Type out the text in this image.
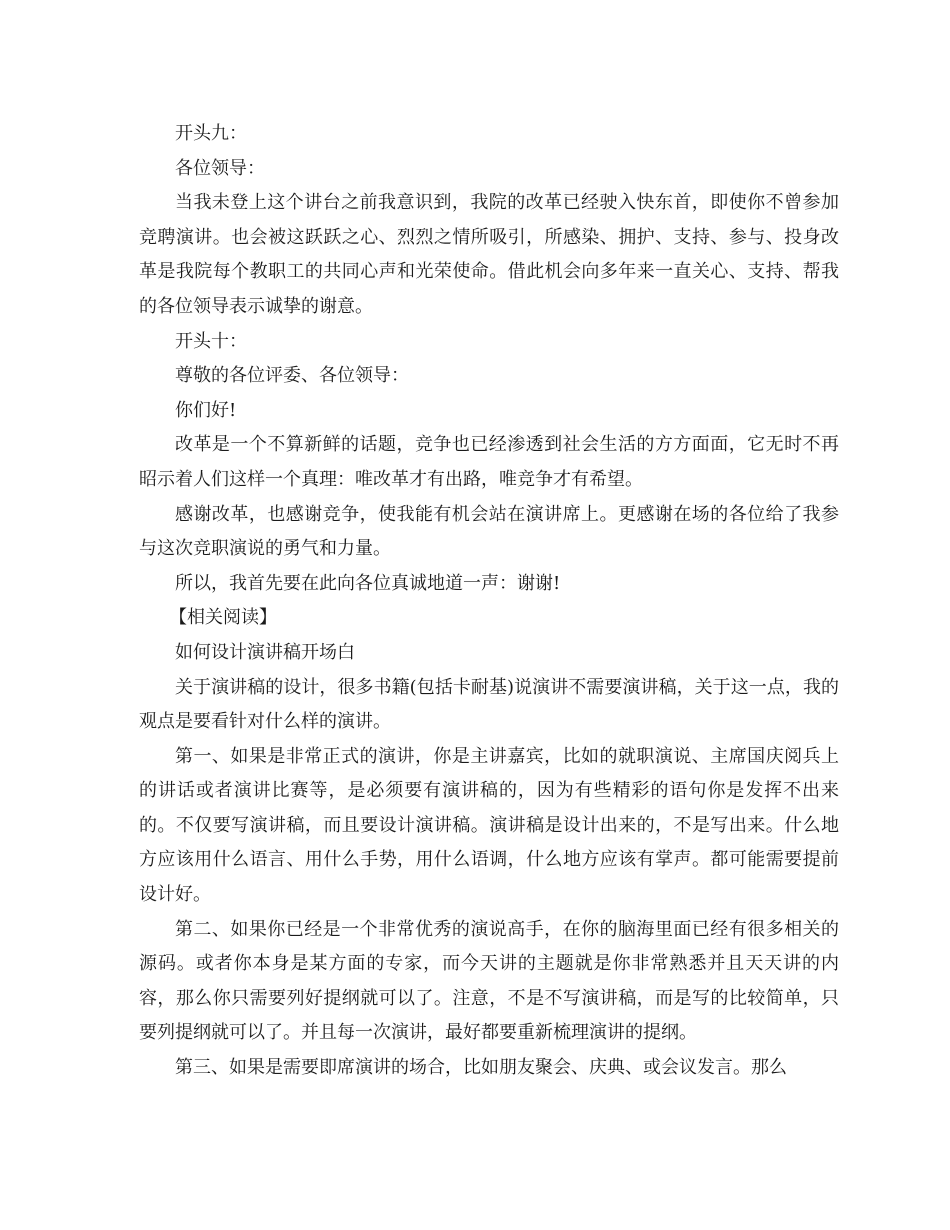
开头九：

各位领导：

当我未登上这个讲台之前我意识到，我院的改革已经驶入快东首，即使你不曾参加竞聘演讲。也会被这跃跃之心、烈烈之情所吸引，所感染、拥护、支持、参与、投身改革是我院每个教职工的共同心声和光荣使命。借此机会向多年来一直关心、支持、帮我的各位领导表示诚挚的谢意。

开头十：

尊敬的各位评委、各位领导：

你们好!

改革是一个不算新鲜的话题，竞争也已经渗透到社会生活的方方面面，它无时不再昭示着人们这样一个真理：唯改革才有出路，唯竞争才有希望。

感谢改革，也感谢竞争，使我能有机会站在演讲席上。更感谢在场的各位给了我参与这次竞职演说的勇气和力量。

所以，我首先要在此向各位真诚地道一声：谢谢!

【相关阅读】

如何设计演讲稿开场白

关于演讲稿的设计，很多书籍(包括卡耐基)说演讲不需要演讲稿，关于这一点，我的观点是要看针对什么样的演讲。

第一、如果是非常正式的演讲，你是主讲嘉宾，比如的就职演说、主席国庆阅兵上的讲话或者演讲比赛等，是必须要有演讲稿的，因为有些精彩的语句你是发挥不出来的。不仅要写演讲稿，而且要设计演讲稿。演讲稿是设计出来的，不是写出来。什么地方应该用什么语言、用什么手势，用什么语调，什么地方应该有掌声。都可能需要提前设计好。

第二、如果你已经是一个非常优秀的演说高手，在你的脑海里面已经有很多相关的源码。或者你本身是某方面的专家，而今天讲的主题就是你非常熟悉并且天天讲的内容，那么你只需要列好提纲就可以了。注意，不是不写演讲稿，而是写的比较简单，只要列提纲就可以了。并且每一次演讲，最好都要重新梳理演讲的提纲。

第三、如果是需要即席演讲的场合，比如朋友聚会、庆典、或会议发言。那么
